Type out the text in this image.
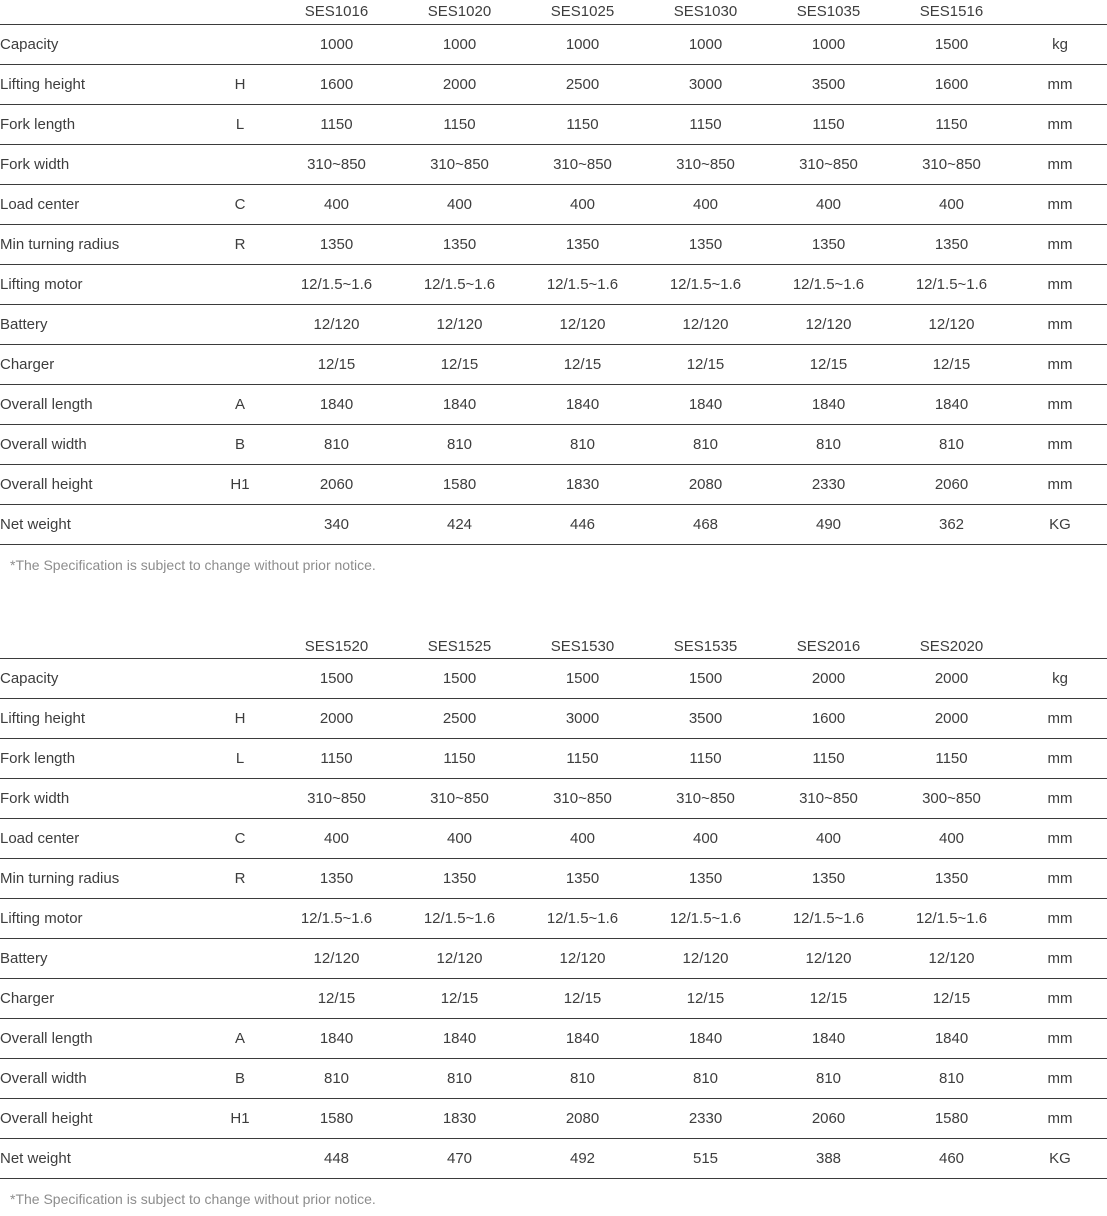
		SES1016	SES1020	SES1025	SES1030	SES1035	SES1516	
Capacity		1000	1000	1000	1000	1000	1500	kg
Lifting height	H	1600	2000	2500	3000	3500	1600	mm
Fork length	L	1150	1150	1150	1150	1150	1150	mm
Fork width		310~850	310~850	310~850	310~850	310~850	310~850	mm
Load center	C	400	400	400	400	400	400	mm
Min turning radius	R	1350	1350	1350	1350	1350	1350	mm
Lifting motor		12/1.5~1.6	12/1.5~1.6	12/1.5~1.6	12/1.5~1.6	12/1.5~1.6	12/1.5~1.6	mm
Battery		12/120	12/120	12/120	12/120	12/120	12/120	mm
Charger		12/15	12/15	12/15	12/15	12/15	12/15	mm
Overall length	A	1840	1840	1840	1840	1840	1840	mm
Overall width	B	810	810	810	810	810	810	mm
Overall height	H1	2060	1580	1830	2080	2330	2060	mm
Net weight		340	424	446	468	490	362	KG

*The Specification is subject to change without prior notice.

		SES1520	SES1525	SES1530	SES1535	SES2016	SES2020	
Capacity		1500	1500	1500	1500	2000	2000	kg
Lifting height	H	2000	2500	3000	3500	1600	2000	mm
Fork length	L	1150	1150	1150	1150	1150	1150	mm
Fork width		310~850	310~850	310~850	310~850	310~850	300~850	mm
Load center	C	400	400	400	400	400	400	mm
Min turning radius	R	1350	1350	1350	1350	1350	1350	mm
Lifting motor		12/1.5~1.6	12/1.5~1.6	12/1.5~1.6	12/1.5~1.6	12/1.5~1.6	12/1.5~1.6	mm
Battery		12/120	12/120	12/120	12/120	12/120	12/120	mm
Charger		12/15	12/15	12/15	12/15	12/15	12/15	mm
Overall length	A	1840	1840	1840	1840	1840	1840	mm
Overall width	B	810	810	810	810	810	810	mm
Overall height	H1	1580	1830	2080	2330	2060	1580	mm
Net weight		448	470	492	515	388	460	KG

*The Specification is subject to change without prior notice.
